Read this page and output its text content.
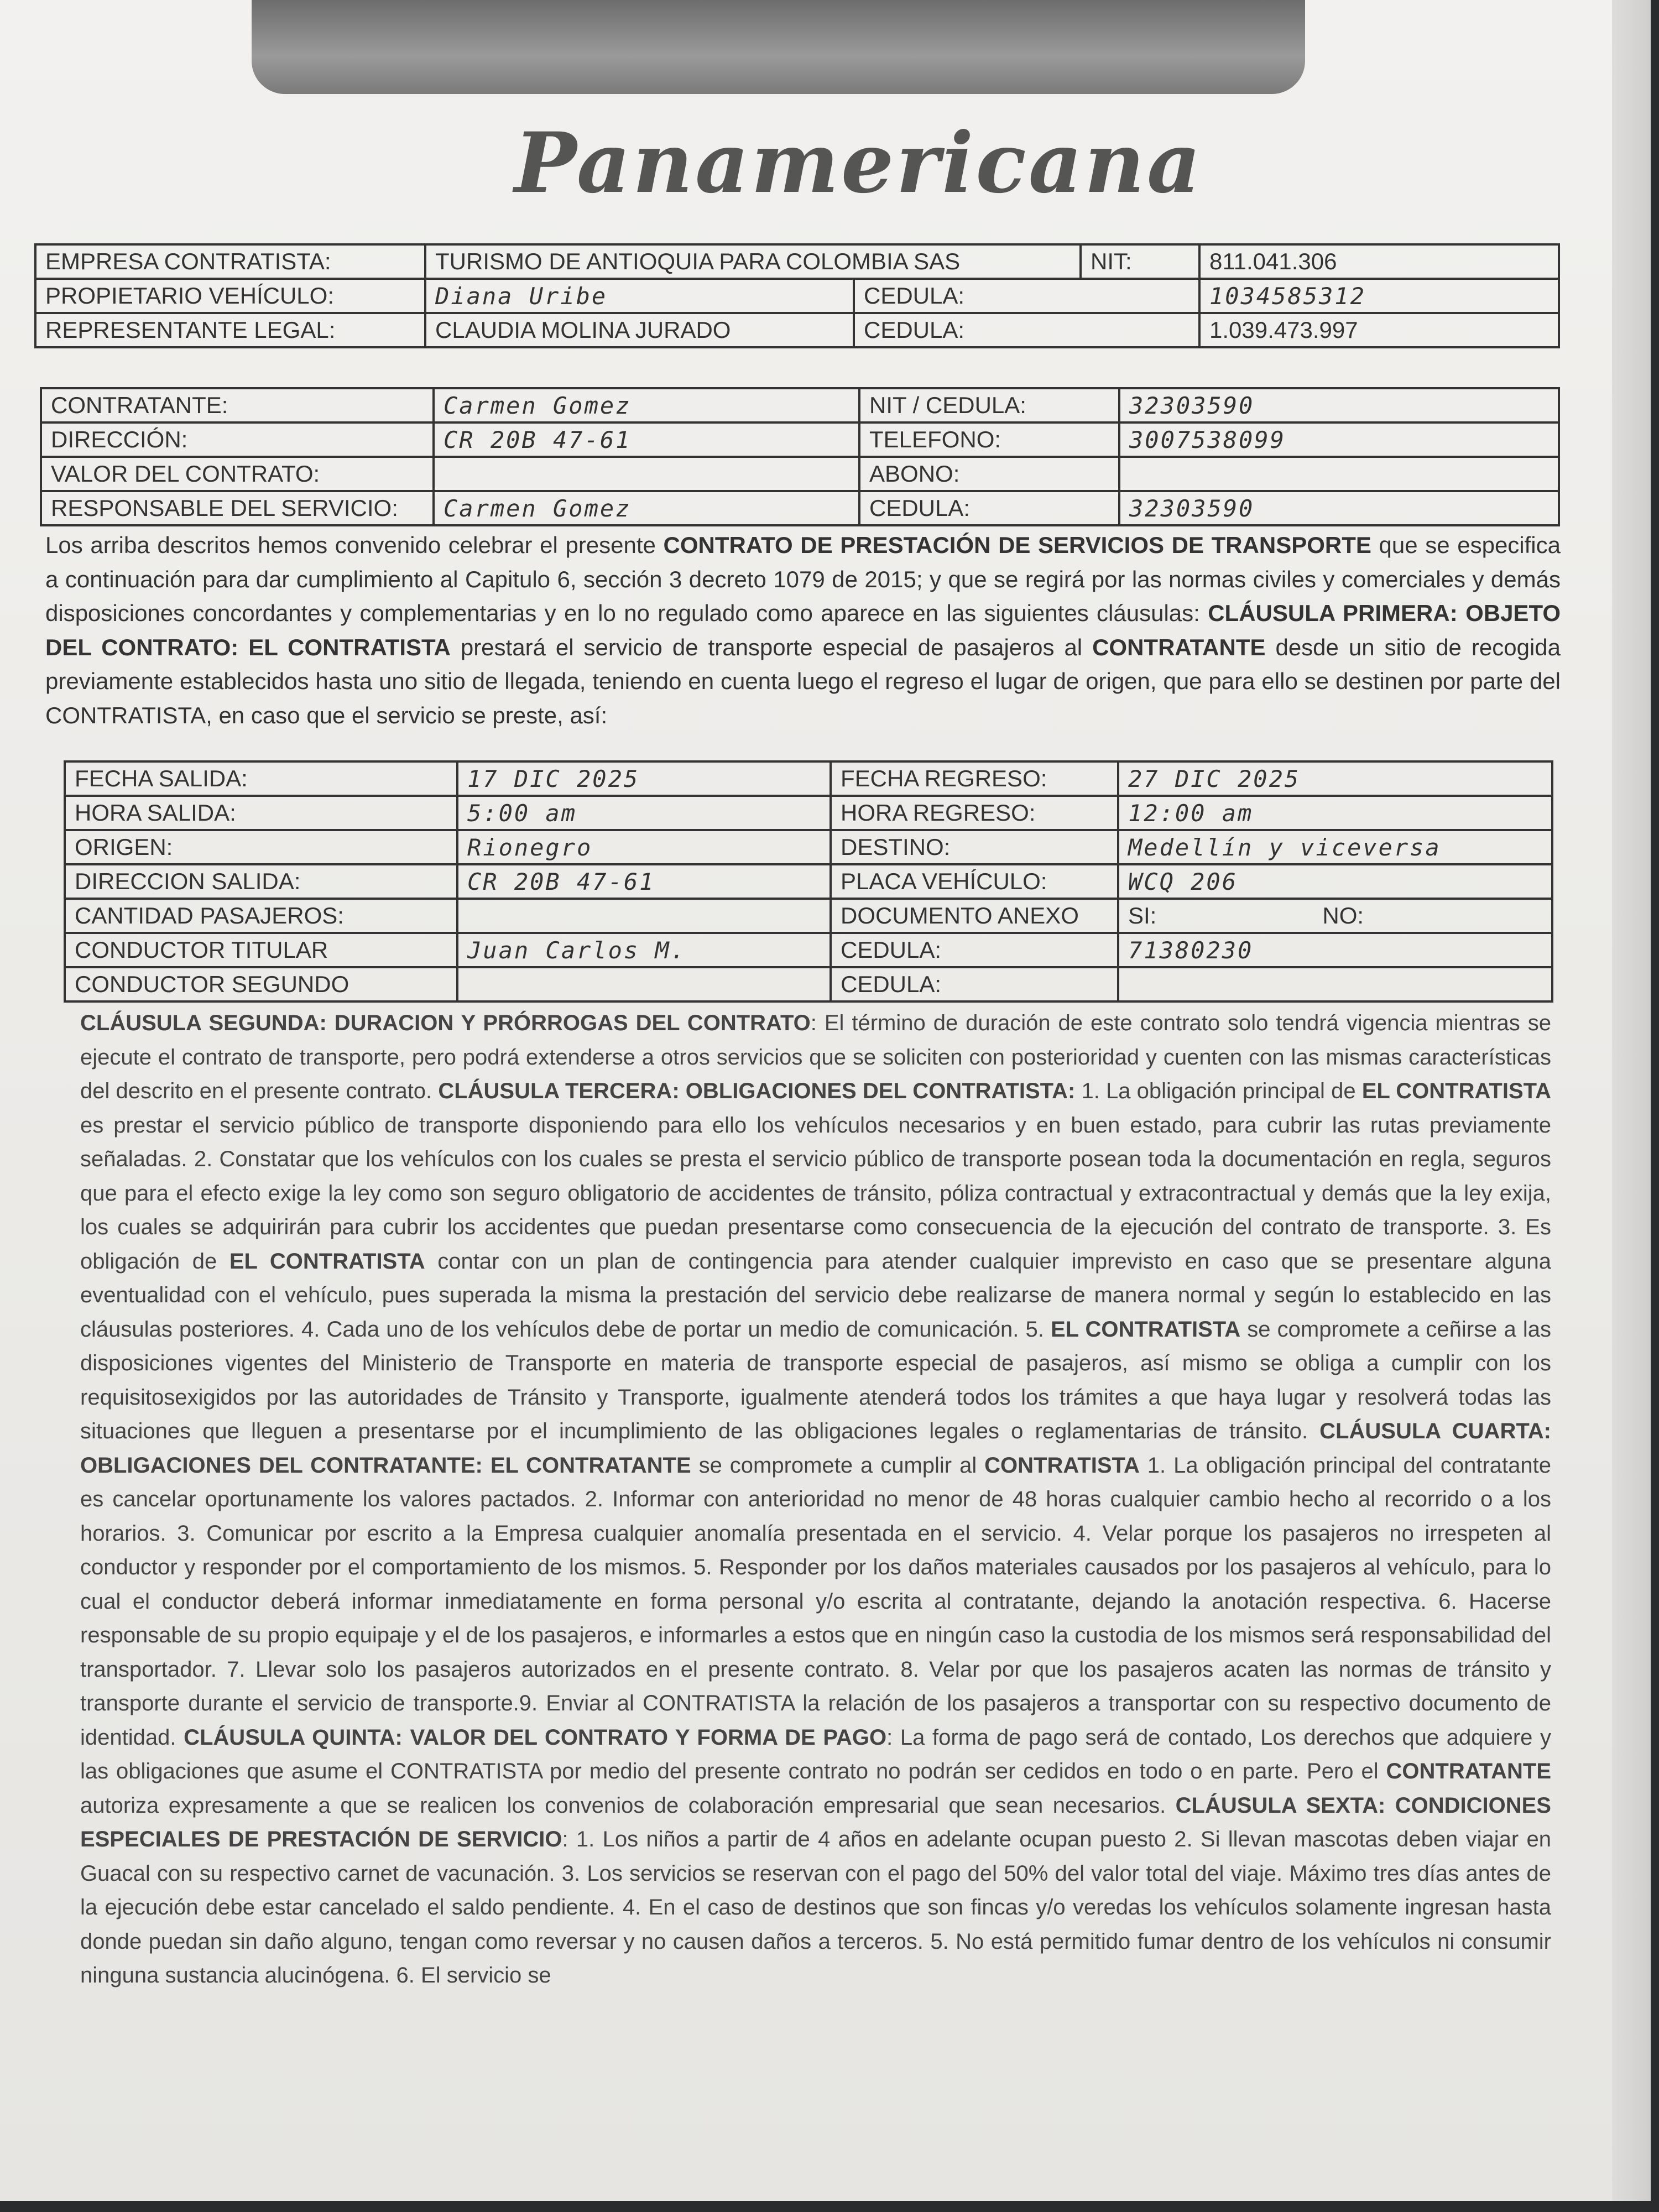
Panamericana
EMPRESA CONTRATISTA:	TURISMO DE ANTIOQUIA PARA COLOMBIA SAS		NIT:	811.041.306
PROPIETARIO VEHÍCULO:	Diana Uribe	CEDULA:		1034585312
REPRESENTANTE LEGAL:	CLAUDIA MOLINA JURADO	CEDULA:		1.039.473.997
CONTRATANTE:	Carmen Gomez	NIT / CEDULA:	32303590
DIRECCIÓN:	CR 20B 47-61	TELEFONO:	3007538099
VALOR DEL CONTRATO:		ABONO:	
RESPONSABLE DEL SERVICIO:	Carmen Gomez	CEDULA:	32303590
Los arriba descritos hemos convenido celebrar el presente CONTRATO DE PRESTACIÓN DE SERVICIOS DE TRANSPORTE que se especifica a continuación para dar cumplimiento al Capitulo 6, sección 3 decreto 1079 de 2015; y que se regirá por las normas civiles y comerciales y demás disposiciones concordantes y complementarias y en lo no regulado como aparece en las siguientes cláusulas: CLÁUSULA PRIMERA: OBJETO DEL CONTRATO: EL CONTRATISTA prestará el servicio de transporte especial de pasajeros al CONTRATANTE desde un sitio de recogida previamente establecidos hasta uno sitio de llegada, teniendo en cuenta luego el regreso el lugar de origen, que para ello se destinen por parte del CONTRATISTA, en caso que el servicio se preste, así:
FECHA SALIDA:	17 DIC 2025	FECHA REGRESO:	27 DIC 2025
HORA SALIDA:	5:00 am	HORA REGRESO:	12:00 am
ORIGEN:	Rionegro	DESTINO:	Medellín y viceversa
DIRECCION SALIDA:	CR 20B 47-61	PLACA VEHÍCULO:	WCQ 206
CANTIDAD PASAJEROS:		DOCUMENTO ANEXO	SI: NO:
CONDUCTOR TITULAR	Juan Carlos M.	CEDULA:	71380230
CONDUCTOR SEGUNDO		CEDULA:	
CLÁUSULA SEGUNDA: DURACION Y PRÓRROGAS DEL CONTRATO: El término de duración de este contrato solo tendrá vigencia mientras se ejecute el contrato de transporte, pero podrá extenderse a otros servicios que se soliciten con posterioridad y cuenten con las mismas características del descrito en el presente contrato. CLÁUSULA TERCERA: OBLIGACIONES DEL CONTRATISTA: 1. La obligación principal de EL CONTRATISTA es prestar el servicio público de transporte disponiendo para ello los vehículos necesarios y en buen estado, para cubrir las rutas previamente señaladas. 2. Constatar que los vehículos con los cuales se presta el servicio público de transporte posean toda la documentación en regla, seguros que para el efecto exige la ley como son seguro obligatorio de accidentes de tránsito, póliza contractual y extracontractual y demás que la ley exija, los cuales se adquirirán para cubrir los accidentes que puedan presentarse como consecuencia de la ejecución del contrato de transporte. 3. Es obligación de EL CONTRATISTA contar con un plan de contingencia para atender cualquier imprevisto en caso que se presentare alguna eventualidad con el vehículo, pues superada la misma la prestación del servicio debe realizarse de manera normal y según lo establecido en las cláusulas posteriores. 4. Cada uno de los vehículos debe de portar un medio de comunicación. 5. EL CONTRATISTA se compromete a ceñirse a las disposiciones vigentes del Ministerio de Transporte en materia de transporte especial de pasajeros, así mismo se obliga a cumplir con los requisitosexigidos por las autoridades de Tránsito y Transporte, igualmente atenderá todos los trámites a que haya lugar y resolverá todas las situaciones que lleguen a presentarse por el incumplimiento de las obligaciones legales o reglamentarias de tránsito. CLÁUSULA CUARTA: OBLIGACIONES DEL CONTRATANTE: EL CONTRATANTE se compromete a cumplir al CONTRATISTA 1. La obligación principal del contratante es cancelar oportunamente los valores pactados. 2. Informar con anterioridad no menor de 48 horas cualquier cambio hecho al recorrido o a los horarios. 3. Comunicar por escrito a la Empresa cualquier anomalía presentada en el servicio. 4. Velar porque los pasajeros no irrespeten al conductor y responder por el comportamiento de los mismos. 5. Responder por los daños materiales causados por los pasajeros al vehículo, para lo cual el conductor deberá informar inmediatamente en forma personal y/o escrita al contratante, dejando la anotación respectiva. 6. Hacerse responsable de su propio equipaje y el de los pasajeros, e informarles a estos que en ningún caso la custodia de los mismos será responsabilidad del transportador. 7. Llevar solo los pasajeros autorizados en el presente contrato. 8. Velar por que los pasajeros acaten las normas de tránsito y transporte durante el servicio de transporte.9. Enviar al CONTRATISTA la relación de los pasajeros a transportar con su respectivo documento de identidad. CLÁUSULA QUINTA: VALOR DEL CONTRATO Y FORMA DE PAGO: La forma de pago será de contado, Los derechos que adquiere y las obligaciones que asume el CONTRATISTA por medio del presente contrato no podrán ser cedidos en todo o en parte. Pero el CONTRATANTE autoriza expresamente a que se realicen los convenios de colaboración empresarial que sean necesarios. CLÁUSULA SEXTA: CONDICIONES ESPECIALES DE PRESTACIÓN DE SERVICIO: 1. Los niños a partir de 4 años en adelante ocupan puesto 2. Si llevan mascotas deben viajar en Guacal con su respectivo carnet de vacunación. 3. Los servicios se reservan con el pago del 50% del valor total del viaje. Máximo tres días antes de la ejecución debe estar cancelado el saldo pendiente. 4. En el caso de destinos que son fincas y/o veredas los vehículos solamente ingresan hasta donde puedan sin daño alguno, tengan como reversar y no causen daños a terceros. 5. No está permitido fumar dentro de los vehículos ni consumir ninguna sustancia alucinógena. 6. El servicio se
